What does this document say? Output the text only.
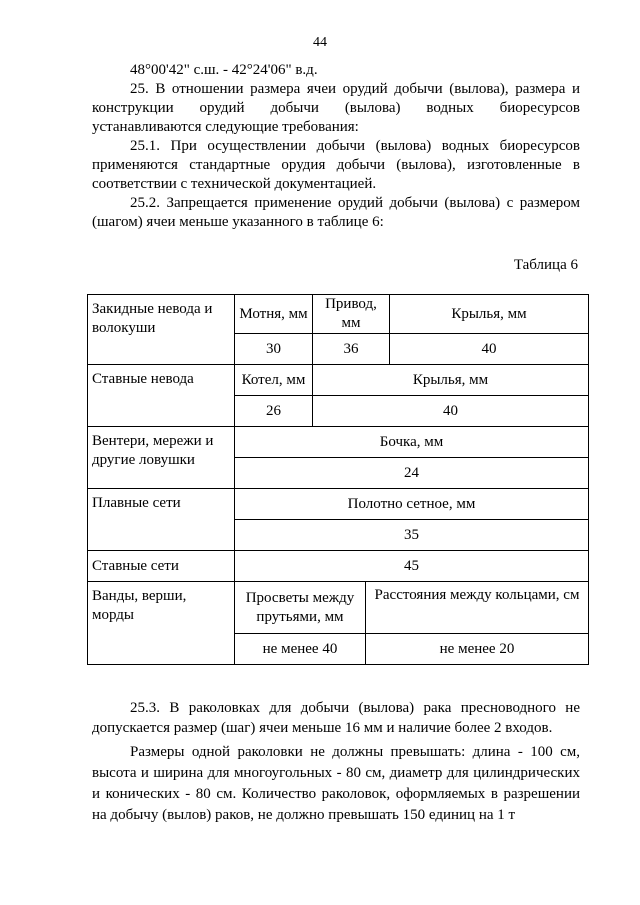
44

48°00'42" с.ш. - 42°24'06" в.д.

25. В отношении размера ячеи орудий добычи (вылова), размера и конструкции орудий добычи (вылова) водных биоресурсов устанавливаются следующие требования:

25.1. При осуществлении добычи (вылова) водных биоресурсов применяются стандартные орудия добычи (вылова), изготовленные в соответствии с технической документацией.

25.2. Запрещается применение орудий добычи (вылова) с размером (шагом) ячеи меньше указанного в таблице 6:

Таблица 6
Закидные невода и волокуши	Мотня, мм	Привод, мм		Крылья, мм
	30	36		40
Ставные невода	Котел, мм	Крылья, мм		
	26	40		
Вентери, мережи и другие ловушки	Бочка, мм			
	24			
Плавные сети	Полотно сетное, мм			
	35			
Ставные сети	45			
Ванды, верши, морды	Просветы между прутьями, мм		Расстояния между кольцами, см	
	не менее 40		не менее 20	

25.3. В раколовках для добычи (вылова) рака пресноводного не допускается размер (шаг) ячеи меньше 16 мм и наличие более 2 входов.

Размеры одной раколовки не должны превышать: длина - 100 см, высота и ширина для многоугольных - 80 см, диаметр для цилиндрических и конических - 80 см. Количество раколовок, оформляемых в разрешении на добычу (вылов) раков, не должно превышать 150 единиц на 1 т
